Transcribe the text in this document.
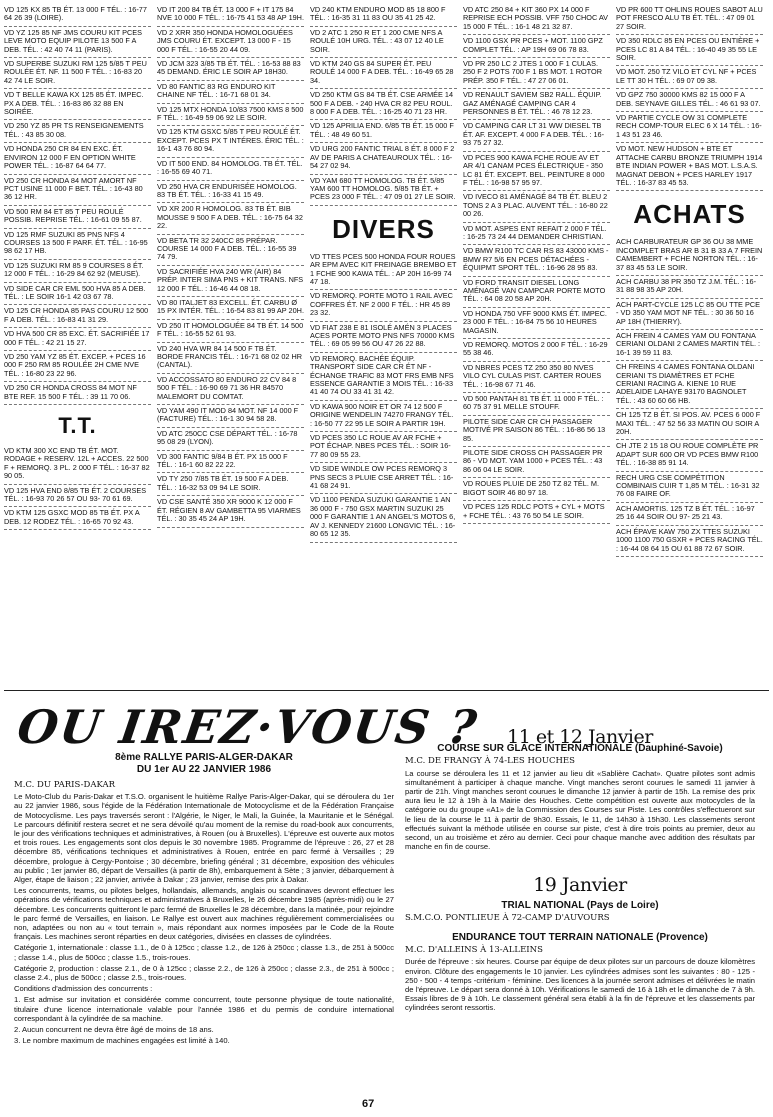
VD 125 KX 85 TB ÉT. 13 000 F TÉL. : 16-77 64 26 39 (LOIRE).
VD YZ 125 85 NF JMS COURU KIT PCES LEVE MOTO EQUIP PILOTE 13 500 F A DEB. TÉL. : 42 40 74 11 (PARIS).
VD SUPERBE SUZUKI RM 125 5/85 T PEU ROULÉE ÉT. NF. 11 500 F TÉL. : 16-83 20 42 74 LE SOIR.
VD T BELLE KAWA KX 125 85 ÉT. IMPEC. PX A DEB. TÉL. : 16-83 86 32 88 EN SOIRÉE.
VD 250 YZ 85 PR TS RENSEIGNEMENTS TÉL. : 43 85 30 08.
VD HONDA 250 CR 84 EN EXC. ÉT. ENVIRON 12 000 F EN OPTION WHITE POWER TÉL. : 16-87 64 64 77.
VD 250 CR HONDA 84 MOT AMORT NF PCT USINE 11 000 F BET. TÉL. : 16-43 80 36 12 HR.
VD 500 RM 84 ET 85 T PEU ROULÉ POSSIB. REPRISE TÉL. : 16-61 09 55 87.
VD 125 RMF SUZUKI 85 PNS NFS 4 COURSES 13 500 F PARF. ÉT. TÉL. : 16-95 98 62 17 HB.
VD 125 SUZUKI RM 85 9 COURSES 8 ÉT. 12 000 F TÉL. : 16-29 84 62 92 (MEUSE).
VD SIDE CAR CR EML 500 HVA 85 A DEB. TÉL. : LE SOIR 16-1 42 03 67 78.
VD 125 CR HONDA 85 PAS COURU 12 500 F A DEB. TÉL. : 16-83 41 31 29.
VD HVA 500 CR 85 EXC. ÉT. SACRIFIÉE 17 000 F TÉL. : 42 21 15 27.
VD 250 YAM YZ 85 ÉT. EXCEP. + PCES 16 000 F 250 RM 85 ROULÉE 2H CME NVE TÉL. : 16-80 23 22 96.
VD 250 CR HONDA CROSS 84 MOT NF BTE REF. 15 500 F TÉL. : 39 11 70 06.
T.T.
VD KTM 300 XC END TB ÉT. MOT. RODAGE + RESERV. 12L + ACCES. 22 500 F + REMORQ. 3 PL. 2 000 F TÉL. : 16-37 82 90 05.
VD 125 HVA END 8/85 TB ÉT. 2 COURSES TÉL. : 16-93 70 26 57 OU 93- 70 61 69.
VD KTM 125 GSXC MOD 85 TB ÉT. PX A DEB. 12 RODEZ TÉL. : 16-65 70 92 43.
VD IT 200 84 TB ÉT. 13 000 F + IT 175 84 NVE 10 000 F TÉL. : 16-75 41 53 48 AP 19H.
VD 2 XRR 350 HONDA HOMOLOGUÉES JMS COURU ÉT. EXCEPT. 13 000 F - 15 000 F TÉL. : 16-55 20 44 09.
VD JCM 323 3/85 TB ÉT. TÉL. : 16-53 88 83 45 DEMAND. ÉRIC LE SOIR AP 18H30.
VD 80 FANTIC 83 RG ENDURO KIT CHAINE NF TÉL. : 16-71 68 01 34.
VD 125 MTX HONDA 10/83 7500 KMS 8 500 F TÉL. : 16-49 59 06 92 LE SOIR.
VD 125 KTM GSXC 5/85 T PEU ROULÉ ÉT. EXCEPT. PCES PX T INTÉRES. ÉRIC TÉL. : 16-1 43 76 80 94.
VD IT 500 END. 84 HOMOLOG. TB ÉT. TÉL. : 16-55 69 40 71.
VD 250 HVA CR ENDURISÉE HOMOLOG. 83 TB ÉT. TÉL. : 16-33 41 15 49.
VD XR 200 R HOMOLOG. 83 TB ÉT. BIB MOUSSE 9 500 F A DEB. TÉL. : 16-75 64 32 22.
VD BETA TR 32 240CC 85 PRÉPAR. COURSE 14 000 F A DEB. TÉL. : 16-55 39 74 79.
VD SACRIFIÉE HVA 240 WR (AIR) 84 PRÉP. INTER SIMA PNS + KIT TRANS. NFS 12 000 F TÉL. : 16-46 44 08 18.
VD 80 ITALJET 83 EXCELL. ÉT. CARBU Ø 15 PX INTÉR. TÉL. : 16-54 83 81 99 AP 20H.
VD 250 IT HOMOLOGUÉE 84 TB ÉT. 14 500 F TÉL. : 16-55 52 61 93.
VD 240 HVA WR 84 14 500 F TB ÉT. BORDE FRANCIS TÉL. : 16-71 68 02 02 HR (CANTAL).
VD ACCOSSATO 80 ENDURO 22 CV 84 8 500 F TÉL. : 16-90 69 71 36 HR 84570 MALEMORT DU COMTAT.
VD YAM 490 IT MOD 84 MOT. NF 14 000 F (FACTURE) TÉL. : 16-1 30 94 58 28.
VD ATC 250CC CSE DÉPART TÉL. : 16-78 95 08 29 (LYON).
VD 300 FANTIC 9/84 B ÉT. PX 15 000 F TÉL. : 16-1 60 82 22 22.
VD TY 250 7/85 TB ÉT. 19 500 F A DEB. TÉL. : 16-32 53 09 94 LE SOIR.
VD CSE SANTÉ 350 XR 9000 K 12 000 F ÉT. RÉGIEN 8 AV GAMBETTA 95 VIARMES TÉL. : 30 35 45 24 AP 19H.
VD 240 KTM ENDURO MOD 85 18 800 F TÉL. : 16-35 31 11 83 OU 35 41 25 42.
VD 2 ATC 1 250 R ET 1 200 CME NFS A ROULÉ 10H URG. TÉL. : 43 07 12 40 LE SOIR.
VD KTM 240 GS 84 SUPER ÉT. PEU ROULÉ 14 000 F A DEB. TÉL. : 16-49 65 28 34.
VD 250 KTM GS 84 TB ÉT. CSE ARMÉE 14 500 F A DEB. - 240 HVA CR 82 PEU ROUL. 8 000 F A DEB. TÉL. : 16-25 40 71 23 HR.
VD 125 APRILIA END. 6/85 TB ÉT. 15 000 F TÉL. : 48 49 60 51.
VD URG 200 FANTIC TRIAL 8 ÉT. 8 000 F 2 AV DE PARIS A CHATEAUROUX TÉL. : 16-54 27 02 94.
VD YAM 680 TT HOMOLOG. TB ÉT. 5/85 YAM 600 TT HOMOLOG. 5/85 TB ÉT. + PCES 23 000 F TÉL. : 47 09 01 27 LE SOIR.
DIVERS
VD TTES PCES 500 HONDA FOUR ROUES AR EPM AVEC KIT FREINAGE BREMBO ET 1 FCHE 900 KAWA TÉL. : AP 20H 16-99 74 47 18.
VD REMORQ. PORTE MOTO 1 RAIL AVEC COFFRES ÉT. NF 2 000 F TÉL. : HR 45 89 23 32.
VD FIAT 238 E 81 ISOLÉ AMÉN 3 PLACES ACES PORTE MOTO PNS NFS 70000 KMS TÉL. : 69 05 99 56 OU 47 26 22 88.
VD REMORQ. BACHÉE ÉQUIP. TRANSPORT SIDE CAR CR ÉT NF - ÉCHANGE TRAFIC 83 MOT FRS EMB NFS ESSENCE GARANTIE 3 MOIS TÉL. : 16-33 41 40 74 OU 33 41 31 42.
VD KAWA 900 NOIR ET OR 74 12 500 F ORIGINE WENDELIN 74270 FRANGY TÉL. : 16-50 77 22 95 LE SOIR A PARTIR 19H.
VD PCES 350 LC ROUE AV AR FCHE + POT ÉCHAP. NBES PCES TÉL. : SOIR 16-77 80 09 55 23.
VD SIDE WINDLE OW PCES REMORQ 3 PNS SECS 3 PLUIE CSE ARRET TÉL. : 16-41 68 24 91.
VD 1100 PENDA SUZUKI GARANTIE 1 AN 36 000 F - 750 GSX MARTIN SUZUKI 25 000 F GARANTIE 1 AN ANGEL'S MOTOS 6, AV J. KENNEDY 21600 LONGVIC TÉL. : 16-80 65 12 35.
VD ATC 250 84 + KIT 360 PX 14 000 F REPRISE ECH POSSIB. VFF 750 CHOC AV 15 000 F TÉL. : 16-1 48 21 32 87.
VD 1100 GSX PR PCES + MOT. 1100 GPZ COMPLET TÉL. : AP 19H 69 06 78 83.
VD PR 250 LC 2 JTES 1 000 F 1 CULAS. 250 F 2 POTS 700 F 1 BS MOT. 1 ROTOR PRÉP. 350 F TÉL. : 47 27 06 01.
VD RENAULT SAVIEM SB2 RALL. ÉQUIP. GAZ AMÉNAGÉ CAMPING CAR 4 PERSONNES B ÉT. TÉL. : 46 78 12 23.
VD CAMPING CAR LT 31 WW DIESEL TB ÉT. AF. EXCEPT. 4 000 F A DEB. TÉL. : 16-93 75 27 32.
VD PCES 900 KAWA FCHE ROUE AV ET AR 4/1 CANAM PCES ÉLECTRIQUE - 350 LC 81 ÉT. EXCEPT. BEL. PEINTURE 8 000 F TÉL. : 16-98 57 95 97.
VD IVECO 81 AMÉNAGÉ 84 TB ÉT. BLEU 2 TONS 2 A 3 PLAC. AUVENT TÉL. : 16-80 22 00 26.
VD MOT. ASPES ENT REFAIT 2 000 F TÉL. : 16-25 73 24 44 DEMANDER CHRISTIAN.
VD BMW R100 TC CAR RS 83 43000 KMS - BMW R7 5/6 EN PCES DÉTACHÉES - ÉQUIPMT SPORT TÉL. : 16-96 28 95 83.
VD FORD TRANSIT DIESEL LONG AMÉNAGÉ VAN CAMPCAR PORTE MOTO TÉL. : 64 08 20 58 AP 20H.
VD HONDA 750 VFF 9000 KMS ÉT. IMPEC. 23 000 F TÉL. : 16-84 75 56 10 HEURES MAGASIN.
VD REMORQ. MOTOS 2 000 F TÉL. : 16-29 55 38 46.
VD NBRES PCES TZ 250 350 80 NVES VILO CYL CULAS PIST. CARTER ROUES TÉL. : 16-98 67 71 46.
VD 500 PANTAH 81 TB ÉT. 11 000 F TÉL. : 60 75 37 91 MELLE STOUFF.
PILOTE SIDE CAR CR CH PASSAGER MOTIVÉ PR SAISON 86 TÉL. : 16-86 56 13 85.
PILOTE SIDE CROSS CH PASSAGER PR 86 - VD MOT. YAM 1000 + PCES TÉL. : 43 86 06 04 LE SOIR.
VD ROUES PLUIE DE 250 TZ 82 TÉL. M. BIGOT SOIR 46 80 97 18.
VD PCES 125 RDLC POTS + CYL + MOTS + FCHE TÉL. : 43 76 50 54 LE SOIR.
VD PR 600 TT OHLINS ROUES SABOT ALU POT FRESCO ALU TB ÉT. TÉL. : 47 09 01 27 SOIR.
VD 350 RDLC 85 EN PCES OU ENTIÈRE + PCES LC 81 A 84 TÉL. : 16-40 49 35 55 LE SOIR.
VD MOT. 250 TZ VILO ET CYL NF + PCES LE TT 30 H TÉL. : 69 07 09 38.
VD GPZ 750 30000 KMS 82 15 000 F A DEB. SEYNAVE GILLES TÉL. : 46 61 93 07.
VD PARTIE CYCLE OW 31 COMPLETE RECH COMP-TOUR ELEC 6 X 14 TÉL. : 16-1 43 51 23 46.
VD MOT. NEW HUDSON + BTE ET ATTACHE CARBU BRONZE TRIUMPH 1914 BTE INDIAN POWER + BAS MOT. L.S.A.S. MAGNAT DEBON + PCES HARLEY 1917 TÉL. : 16-37 83 45 53.
ACHATS
ACH CARBURATEUR GP 36 OU 38 MME INCOMPLET BRAS AR B 31 B 33 A 7 FREIN CAMEMBERT + FCHE NORTON TÉL. : 16-37 83 45 53 LE SOIR.
ACH CARBU 38 PR 350 TZ J.M. TÉL. : 16-31 88 98 35 AP 20H.
ACH PART-CYCLE 125 LC 85 OU TTE PCE - VD 350 YAM MOT NF TÉL. : 30 36 50 16 AP 18H (THIERRY).
ACH FREIN 4 CAMES YAM OU FONTANA CERIANI OLDANI 2 CAMES MARTIN TÉL. : 16-1 39 59 11 83.
CH FREINS 4 CAMES FONTANA OLDANI CERIANI TS DIAMÈTRES ET FCHE CERIANI RACING A. KIENE 10 RUE ADELAIDE LAHAYE 93170 BAGNOLET TÉL. : 43 60 60 66 HB.
CH 125 TZ B ÉT. SI POS. AV. PCES 6 000 F MAXI TÉL. : 47 52 56 33 MATIN OU SOIR A 20H.
CH JTE 2 15 18 OU ROUE COMPLÈTE PR ADAPT SUR 600 OR VD PCES BMW R100 TÉL. : 16-38 85 91 14.
RECH URG CSE COMPÉTITION COMBINAIS CUIR T 1,85 M TÉL. : 16-31 32 76 08 FAIRE OF.
ACH AMORTIS. 125 TZ B ÉT. TÉL. : 16-97 25 16 44 SOIR OU 97- 25 21 43.
ACH ÉPAVE KAW 750 ZX TTES SUZUKI 1000 1100 750 GSXR + PCES RACING TÉL. : 16-44 08 64 15 OU 61 88 72 67 SOIR.
OU IREZ·VOUS ?
8ème RALLYE PARIS-ALGER-DAKAR
DU 1er AU 22 JANVIER 1986
M.C. DU PARIS-DAKAR
Le Moto-Club du Paris-Dakar et T.S.O. organisent le huitième Rallye Paris-Alger-Dakar, qui se déroulera du 1er au 22 janvier 1986, sous l'égide de la Fédération Internationale de Motocyclisme et de la Fédération Française de Motocyclisme. Les pays traversés seront : l'Algérie, le Niger, le Mali, la Guinée, la Mauritanie et le Sénégal. Le parcours définitif restera secret et ne sera dévoilé qu'au moment de la remise du road-book aux concurrents, le jour des vérifications techniques et administratives, à Rouen (ou à Bruxelles). L'épreuve est ouverte aux motos et trois roues. Les engagements sont clos depuis le 30 novembre 1985. Programme de l'épreuve : 26, 27 et 28 décembre 85, vérifications techniques et administratives à Rouen, entrée en parc fermé à Versailles ; 29 décembre, prologue à Cergy-Pontoise ; 30 décembre, briefing général ; 31 décembre, exposition des véhicules au public ; 1er janvier 86, départ de Versailles (à partir de 8h), embarquement à Sète ; 3 janvier, débarquement à Alger, étape de liaison ; 22 janvier, arrivée à Dakar ; 23 janvier, remise des prix à Dakar.
Les concurrents, teams, ou pilotes belges, hollandais, allemands, anglais ou scandinaves devront effectuer les opérations de vérifications techniques et administratives à Bruxelles, le 26 décembre 1985 (après-midi) ou le 27 décembre. Les concurrents quitteront le parc fermé de Bruxelles le 28 décembre, dans la matinée, pour rejoindre le parc fermé de Versailles, en liaison. Le Rallye est ouvert aux machines régulièrement commercialisées ou non, adaptées ou non au « tout terrain », mais répondant aux normes imposées par le Code de la Route français. Les machines seront réparties en deux catégories, divisées en classes de cylindrées.
Catégorie 1, internationale : classe 1.1., de 0 à 125cc ; classe 1.2., de 126 à 250cc ; classe 1.3., de 251 à 500cc ; classe 1.4., plus de 500cc ; classe 1.5., trois-roues.
Catégorie 2, production : classe 2.1., de 0 à 125cc ; classe 2.2., de 126 à 250cc ; classe 2.3., de 251 à 500cc ; classe 2.4., plus de 500cc ; classe 2.5., trois-roues.
Conditions d'admission des concurrents :
1. Est admise sur invitation et considérée comme concurrent, toute personne physique de toute nationalité, titulaire d'une licence internationale valable pour l'année 1986 et du permis de conduire international correspondant à la cylindrée de sa machine.
2. Aucun concurrent ne devra être âgé de moins de 18 ans.
3. Le nombre maximum de machines engagées est limité à 140.
11 et 12 Janvier
COURSE SUR GLACE INTERNATIONALE (Dauphiné-Savoie)
M.C. DE FRANGY À 74-LES HOUCHES
La course se déroulera les 11 et 12 janvier au lieu dit «Sablière Cachat». Quatre pilotes sont admis simultanément à participer à chaque manche. Vingt manches seront courues le samedi 11 janvier à partir de 21h. Vingt manches seront courues le dimanche 12 janvier à partir de 15h. La remise des prix aura lieu le 12 à 19h à la Mairie des Houches. Cette compétition est ouverte aux motocycles de la catégorie ou du groupe «A1» de la Commission des Courses sur Piste. Les contrôles s'effectueront sur le lieu de la course le 11 à partir de 9h30. Essais, le 11, de 14h30 à 15h30. Les classements seront effectués suivant la méthode utilisée en course sur piste, c'est à dire trois points au premier, deux au second, un au troisième et zéro au dernier. Ceci pour chaque manche avec addition des résultats par manche en fin de course.
19 Janvier
TRIAL NATIONAL (Pays de Loire)
S.M.C.O. PONTLIEUE À 72-CAMP D'AUVOURS
ENDURANCE TOUT TERRAIN NATIONALE (Provence)
M.C. D'ALLEINS À 13-ALLEINS
Durée de l'épreuve : six heures. Course par équipe de deux pilotes sur un parcours de douze kilomètres environ. Clôture des engagements le 10 janvier. Les cylindrées admises sont les suivantes : 80 - 125 - 250 - 500 - 4 temps -critérium - féminine. Des licences à la journée seront admises et délivrées le matin de l'épreuve. Le départ sera donné à 10h. Vérifications le samedi de 16 à 18h et le dimanche de 7 à 9h. Essais libres de 9 à 10h. Le classement général sera établi à la fin de l'épreuve et les classements par cylindrées seront ressortis.
67
